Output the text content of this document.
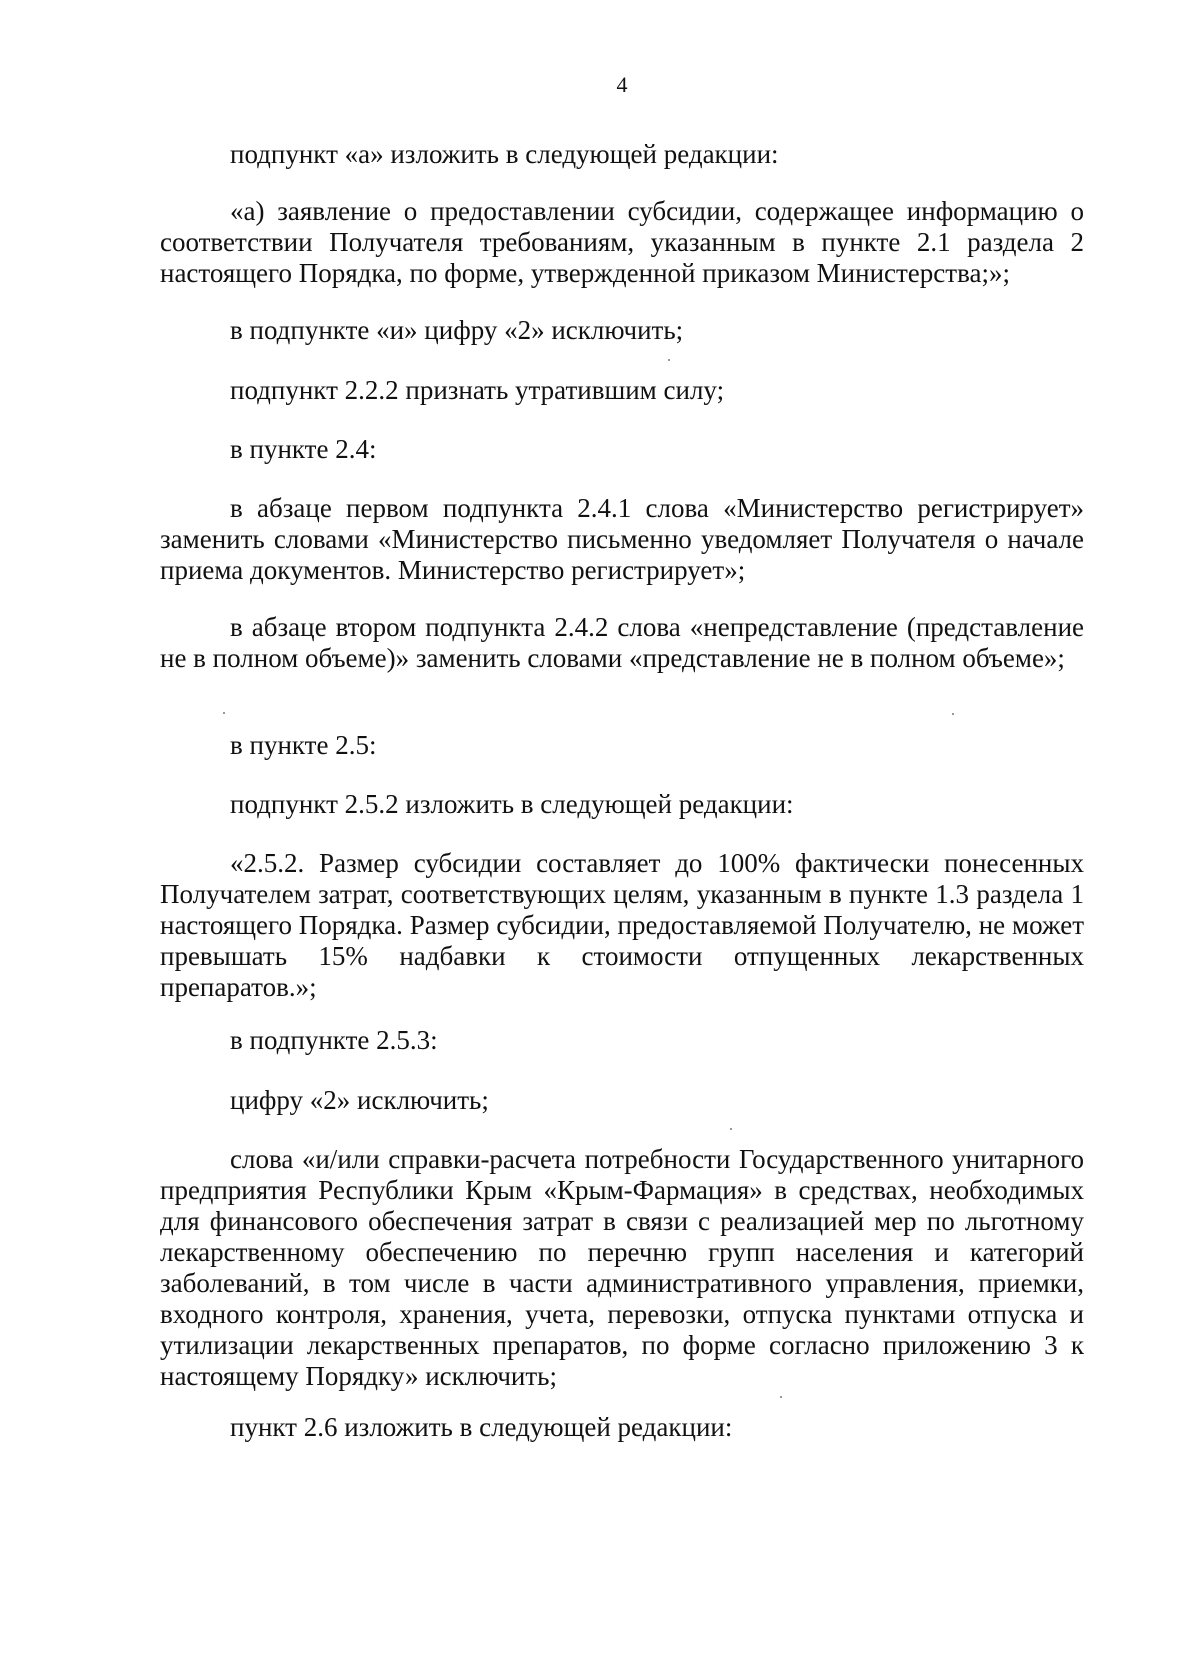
4

подпункт «а» изложить в следующей редакции:

«а) заявление о предоставлении субсидии, содержащее информацию о соответствии Получателя требованиям, указанным в пункте 2.1 раздела 2 настоящего Порядка, по форме, утвержденной приказом Министерства;»;

в подпункте «и» цифру «2» исключить;

подпункт 2.2.2 признать утратившим силу;

в пункте 2.4:

в абзаце первом подпункта 2.4.1 слова «Министерство регистрирует» заменить словами «Министерство письменно уведомляет Получателя о начале приема документов. Министерство регистрирует»;

в абзаце втором подпункта 2.4.2 слова «непредставление (представление не в полном объеме)» заменить словами «представление не в полном объеме»;

в пункте 2.5:

подпункт 2.5.2 изложить в следующей редакции:

«2.5.2. Размер субсидии составляет до 100% фактически понесенных Получателем затрат, соответствующих целям, указанным в пункте 1.3 раздела 1 настоящего Порядка. Размер субсидии, предоставляемой Получателю, не может превышать 15% надбавки к стоимости отпущенных лекарственных препаратов.»;

в подпункте 2.5.3:

цифру «2» исключить;

слова «и/или справки-расчета потребности Государственного унитарного предприятия Республики Крым «Крым-Фармация» в средствах, необходимых для финансового обеспечения затрат в связи с реализацией мер по льготному лекарственному обеспечению по перечню групп населения и категорий заболеваний, в том числе в части административного управления, приемки, входного контроля, хранения, учета, перевозки, отпуска пунктами отпуска и утилизации лекарственных препаратов, по форме согласно приложению 3 к настоящему Порядку» исключить;

пункт 2.6 изложить в следующей редакции:
